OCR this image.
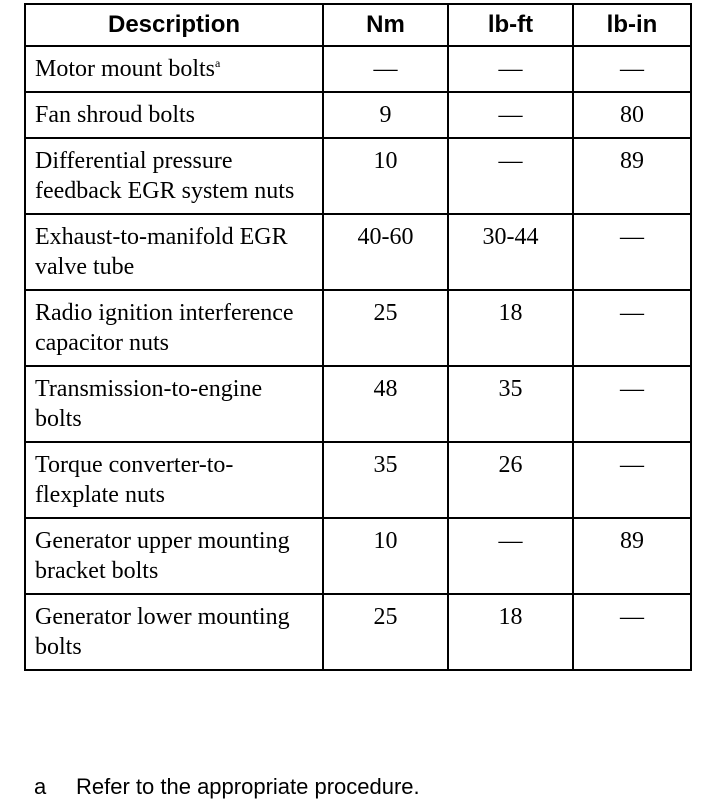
Description	Nm	lb-ft	lb-in
Motor mount bolts$^a$	—	—	—
Fan shroud bolts	9	—	80
Differential pressure feedback EGR system nuts	10	—	89
Exhaust-to-manifold EGR valve tube	40-60	30-44	—
Radio ignition interference capacitor nuts	25	18	—
Transmission-to-engine bolts	48	35	—
Torque converter-to-flexplate nuts	35	26	—
Generator upper mounting bracket bolts	10	—	89
Generator lower mounting bolts	25	18	—
a Refer to the appropriate procedure.
